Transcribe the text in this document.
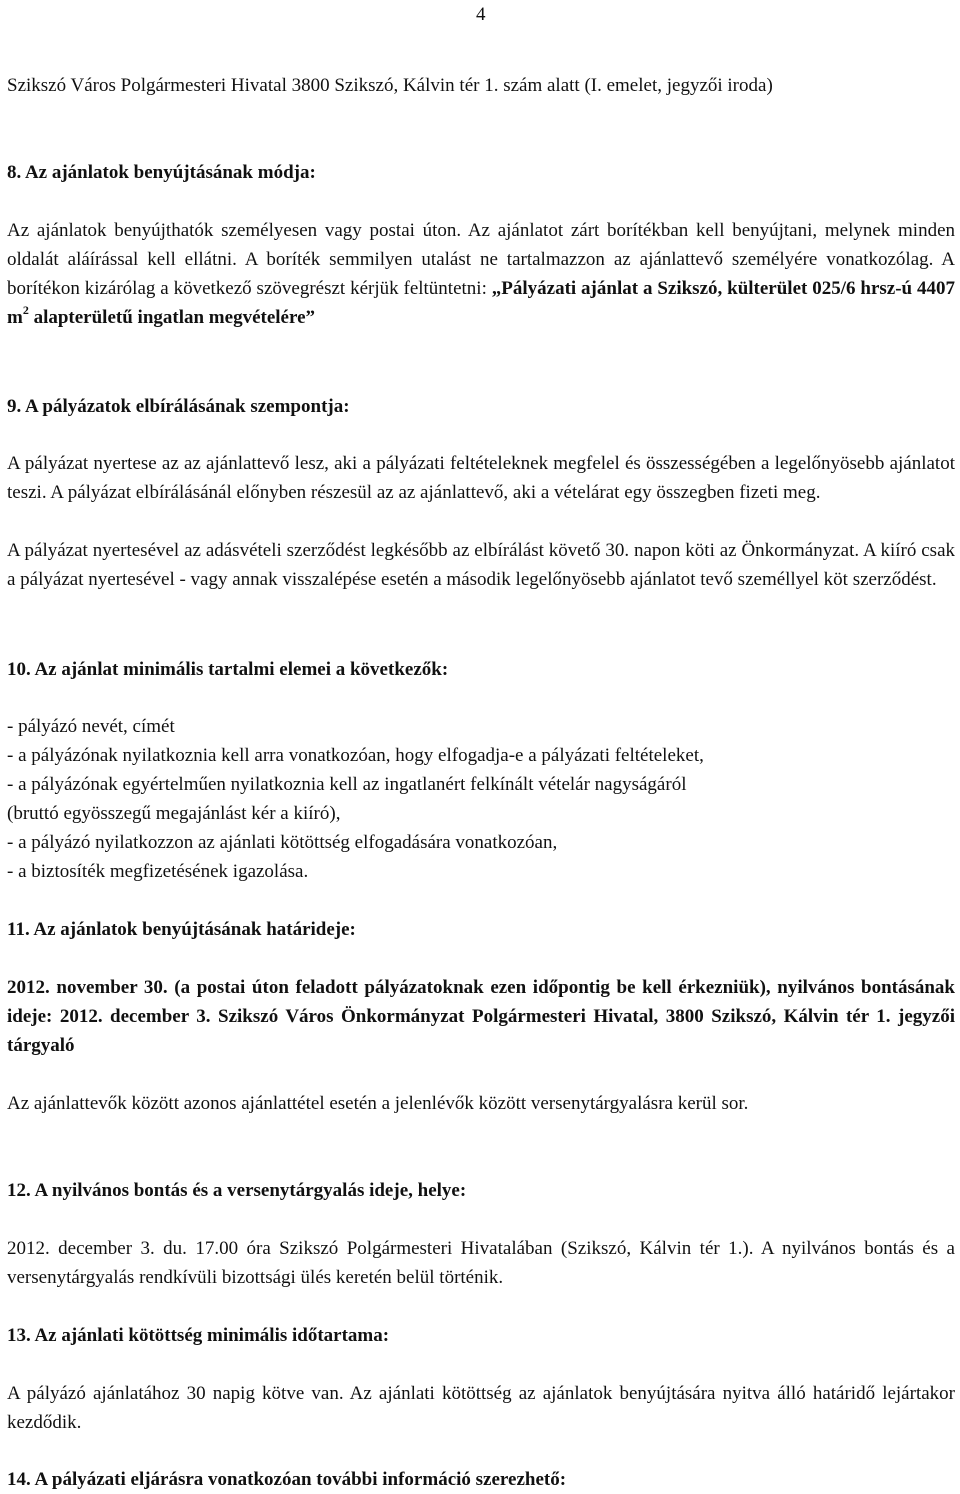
4

Szikszó Város Polgármesteri Hivatal 3800 Szikszó, Kálvin tér 1. szám alatt (I. emelet, jegyzői iroda)

8. Az ajánlatok benyújtásának módja:

Az ajánlatok benyújthatók személyesen vagy postai úton. Az ajánlatot zárt borítékban kell benyújtani, melynek minden oldalát aláírással kell ellátni. A boríték semmilyen utalást ne tartalmazzon az ajánlattevő személyére vonatkozólag. A borítékon kizárólag a következő szövegrészt kérjük feltüntetni: „Pályázati ajánlat a Szikszó, külterület 025/6 hrsz-ú 4407 $m^2$ alapterületű ingatlan megvételére”

9. A pályázatok elbírálásának szempontja:

A pályázat nyertese az az ajánlattevő lesz, aki a pályázati feltételeknek megfelel és összességében a legelőnyösebb ajánlatot teszi. A pályázat elbírálásánál előnyben részesül az az ajánlattevő, aki a vételárat egy összegben fizeti meg.

A pályázat nyertesével az adásvételi szerződést legkésőbb az elbírálást követő 30. napon köti az Önkormányzat. A kiíró csak a pályázat nyertesével - vagy annak visszalépése esetén a második legelőnyösebb ajánlatot tevő személlyel köt szerződést.

10. Az ajánlat minimális tartalmi elemei a következők:

- pályázó nevét, címét

- a pályázónak nyilatkoznia kell arra vonatkozóan, hogy elfogadja-e a pályázati feltételeket,

- a pályázónak egyértelműen nyilatkoznia kell az ingatlanért felkínált vételár nagyságáról (bruttó egyösszegű megajánlást kér a kiíró),

- a pályázó nyilatkozzon az ajánlati kötöttség elfogadására vonatkozóan,

- a biztosíték megfizetésének igazolása.

11. Az ajánlatok benyújtásának határideje:

2012. november 30. (a postai úton feladott pályázatoknak ezen időpontig be kell érkezniük), nyilvános bontásának ideje: 2012. december 3. Szikszó Város Önkormányzat Polgármesteri Hivatal, 3800 Szikszó, Kálvin tér 1. jegyzői tárgyaló

Az ajánlattevők között azonos ajánlattétel esetén a jelenlévők között versenytárgyalásra kerül sor.

12. A nyilvános bontás és a versenytárgyalás ideje, helye:

2012. december 3. du. 17.00 óra Szikszó Polgármesteri Hivatalában (Szikszó, Kálvin tér 1.). A nyilvános bontás és a versenytárgyalás rendkívüli bizottsági ülés keretén belül történik.

13. Az ajánlati kötöttség minimális időtartama:

A pályázó ajánlatához 30 napig kötve van. Az ajánlati kötöttség az ajánlatok benyújtására nyitva álló határidő lejártakor kezdődik.

14. A pályázati eljárásra vonatkozóan további információ szerezhető:
